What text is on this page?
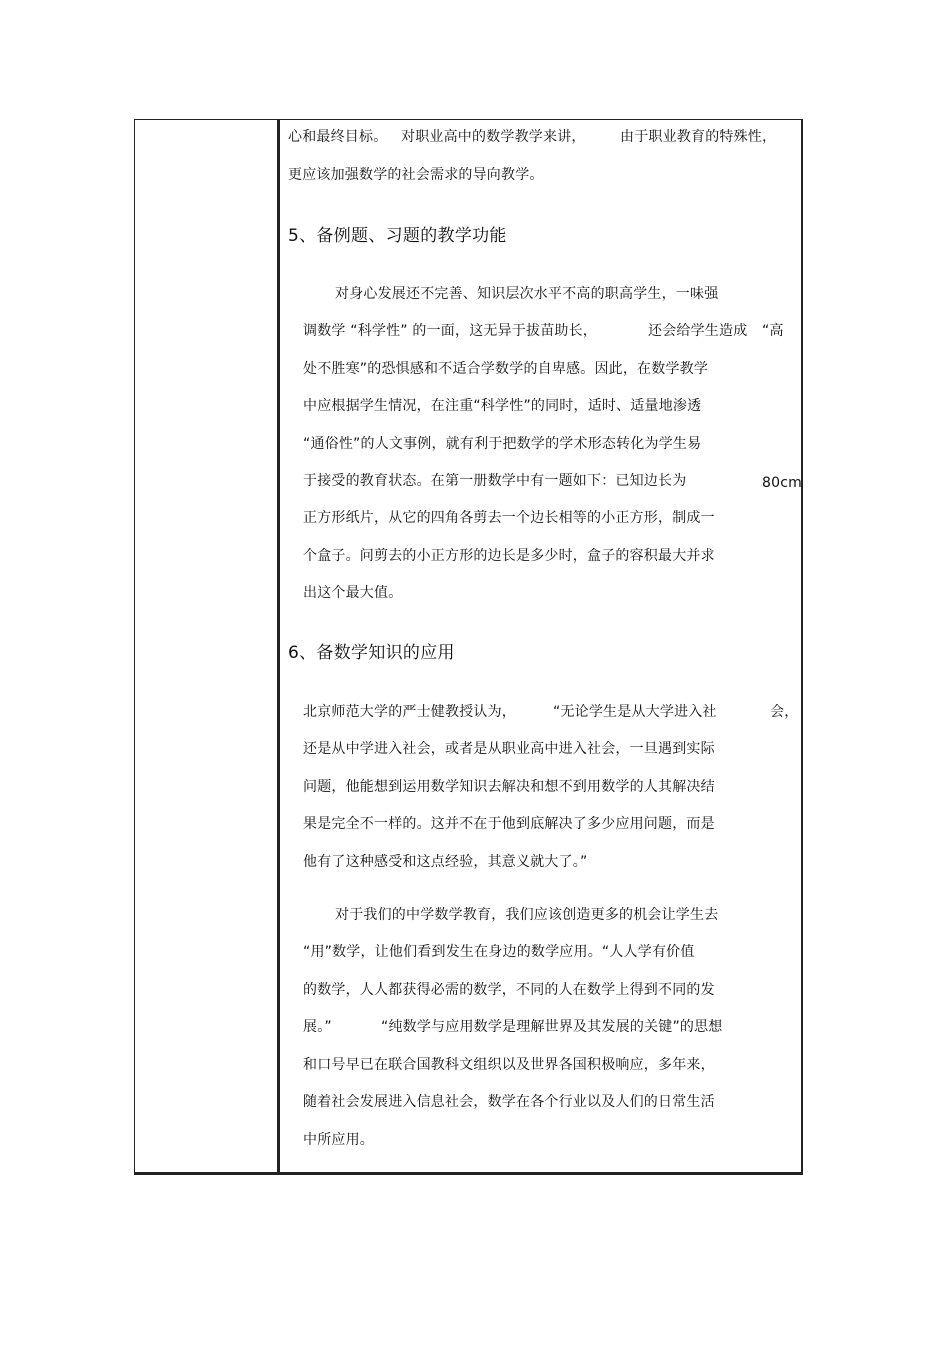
心和最终目标。 对职业高中的数学教学来讲， 由于职业教育的特殊性，
更应该加强数学的社会需求的导向教学。
5、备例题、习题的教学功能
对身心发展还不完善、知识层次水平不高的职高学生，一味强
调数学 “科学性” 的一面，这无异于拔苗助长，	还会给学生造成 “高
处不胜寒”的恐惧感和不适合学数学的自卑感。因此，在数学教学
中应根据学生情况，在注重“科学性”的同时，适时、适量地渗透
“通俗性”的人文事例，就有利于把数学的学术形态转化为学生易
于接受的教育状态。在第一册数学中有一题如下：已知边长为	80cm
正方形纸片，从它的四角各剪去一个边长相等的小正方形，制成一
个盒子。问剪去的小正方形的边长是多少时，盒子的容积最大并求
出这个最大值。
6、备数学知识的应用
北京师范大学的严士健教授认为，	“无论学生是从大学进入社	会，
还是从中学进入社会，或者是从职业高中进入社会，一旦遇到实际
问题，他能想到运用数学知识去解决和想不到用数学的人其解决结
果是完全不一样的。这并不在于他到底解决了多少应用问题，而是
他有了这种感受和这点经验，其意义就大了。”
对于我们的中学数学教育，我们应该创造更多的机会让学生去
“用”数学，让他们看到发生在身边的数学应用。“人人学有价值
的数学，人人都获得必需的数学，不同的人在数学上得到不同的发
展。”	“纯数学与应用数学是理解世界及其发展的关键”的思想
和口号早已在联合国教科文组织以及世界各国积极响应，多年来，
随着社会发展进入信息社会，数学在各个行业以及人们的日常生活
中所应用。
